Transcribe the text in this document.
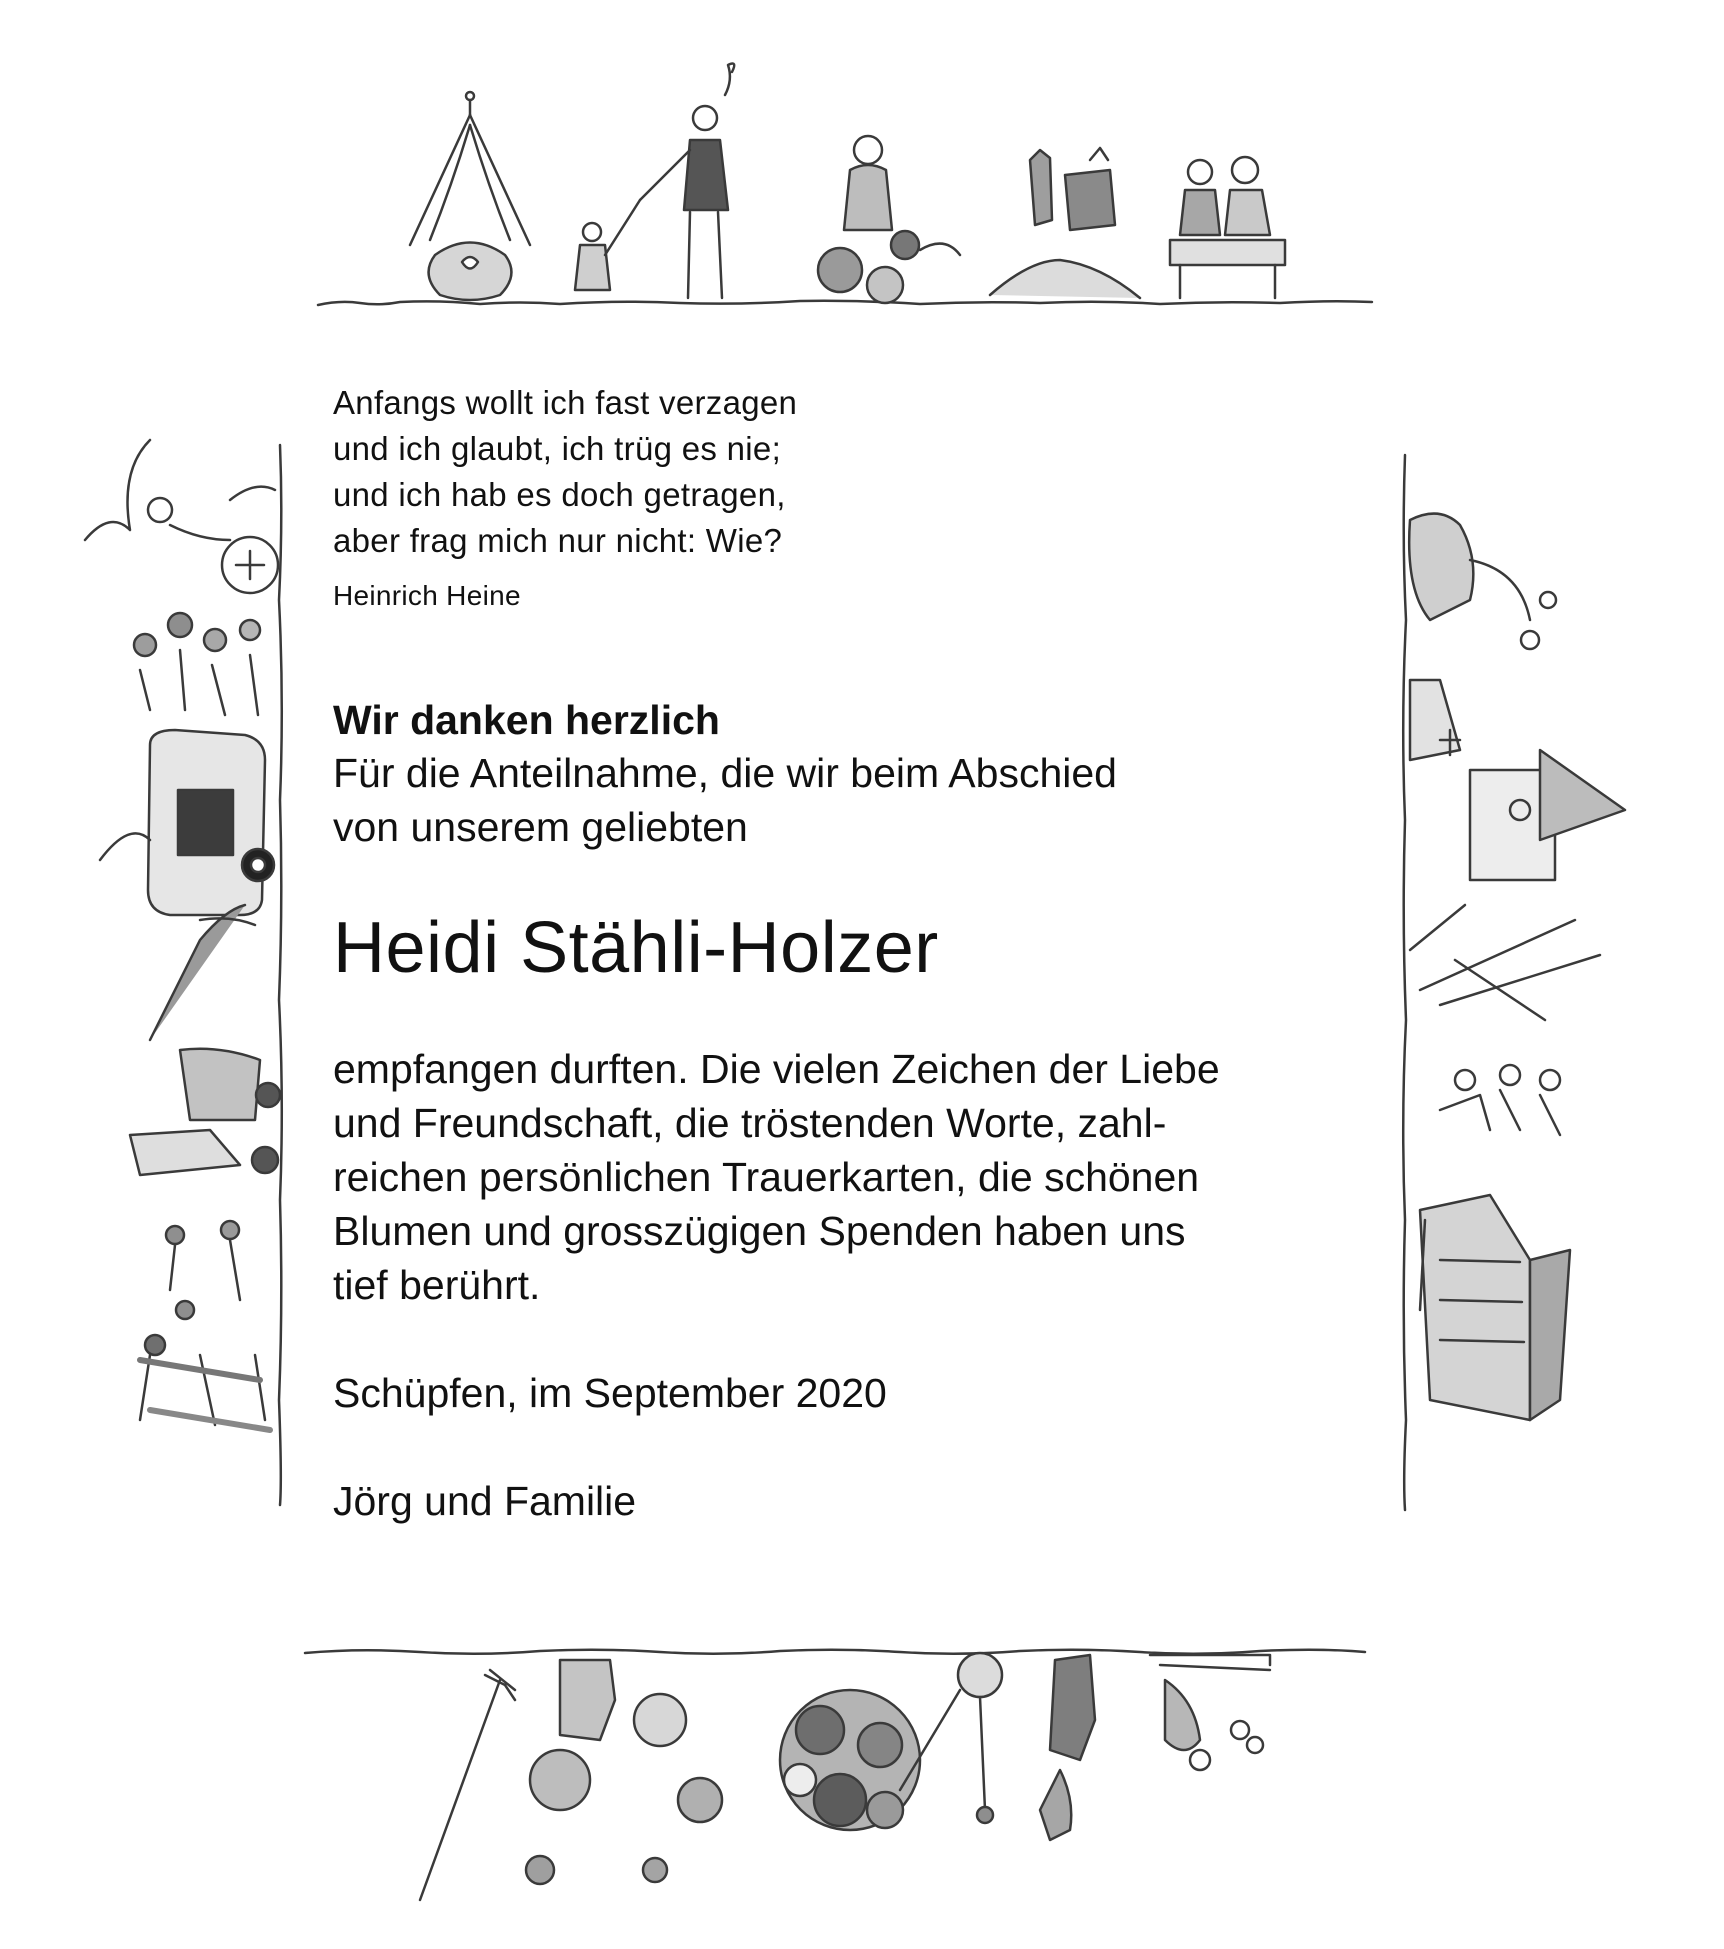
Anfangs wollt ich fast verzagen
und ich glaubt, ich trüg es nie;
und ich hab es doch getragen,
aber frag mich nur nicht: Wie?
Heinrich Heine
Wir danken herzlich
Für die Anteilnahme, die wir beim Abschied
von unserem geliebten
Heidi Stähli-Holzer
empfangen durften. Die vielen Zeichen der Liebe
und Freundschaft, die tröstenden Worte, zahl-
reichen persönlichen Trauerkarten, die schönen
Blumen und grosszügigen Spenden haben uns
tief berührt.
Schüpfen, im September 2020
Jörg und Familie
